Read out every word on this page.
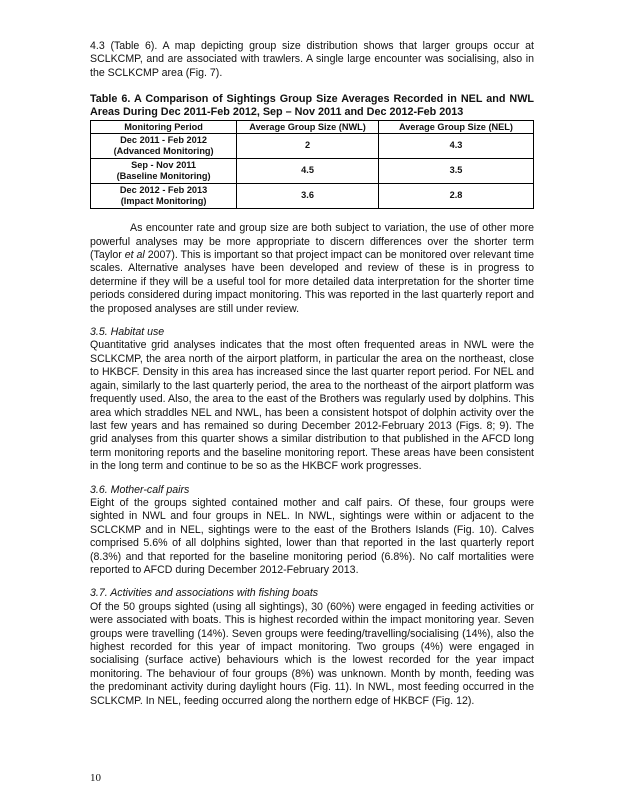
4.3 (Table 6). A map depicting group size distribution shows that larger groups occur at SCLKCMP, and are associated with trawlers. A single large encounter was socialising, also in the SCLKCMP area (Fig. 7).

Table 6. A Comparison of Sightings Group Size Averages Recorded in NEL and NWL Areas During Dec 2011-Feb 2012, Sep – Nov 2011 and Dec 2012-Feb 2013

Monitoring Period	Average Group Size (NWL)	Average Group Size (NEL)
Dec 2011 - Feb 2012
(Advanced Monitoring)	2	4.3
Sep - Nov 2011
(Baseline Monitoring)	4.5	3.5
Dec 2012 - Feb 2013
(Impact Monitoring)	3.6	2.8

As encounter rate and group size are both subject to variation, the use of other more powerful analyses may be more appropriate to discern differences over the shorter term (Taylor et al 2007). This is important so that project impact can be monitored over relevant time scales. Alternative analyses have been developed and review of these is in progress to determine if they will be a useful tool for more detailed data interpretation for the shorter time periods considered during impact monitoring. This was reported in the last quarterly report and the proposed analyses are still under review.

3.5. Habitat use

Quantitative grid analyses indicates that the most often frequented areas in NWL were the SCLKCMP, the area north of the airport platform, in particular the area on the northeast, close to HKBCF. Density in this area has increased since the last quarter report period. For NEL and again, similarly to the last quarterly period, the area to the northeast of the airport platform was frequently used. Also, the area to the east of the Brothers was regularly used by dolphins. This area which straddles NEL and NWL, has been a consistent hotspot of dolphin activity over the last few years and has remained so during December 2012-February 2013 (Figs. 8; 9). The grid analyses from this quarter shows a similar distribution to that published in the AFCD long term monitoring reports and the baseline monitoring report. These areas have been consistent in the long term and continue to be so as the HKBCF work progresses.

3.6. Mother-calf pairs

Eight of the groups sighted contained mother and calf pairs. Of these, four groups were sighted in NWL and four groups in NEL. In NWL, sightings were within or adjacent to the SCLCKMP and in NEL, sightings were to the east of the Brothers Islands (Fig. 10). Calves comprised 5.6% of all dolphins sighted, lower than that reported in the last quarterly report (8.3%) and that reported for the baseline monitoring period (6.8%). No calf mortalities were reported to AFCD during December 2012-February 2013.

3.7. Activities and associations with fishing boats

Of the 50 groups sighted (using all sightings), 30 (60%) were engaged in feeding activities or were associated with boats. This is highest recorded within the impact monitoring year. Seven groups were travelling (14%). Seven groups were feeding/travelling/socialising (14%), also the highest recorded for this year of impact monitoring. Two groups (4%) were engaged in socialising (surface active) behaviours which is the lowest recorded for the year impact monitoring. The behaviour of four groups (8%) was unknown. Month by month, feeding was the predominant activity during daylight hours (Fig. 11). In NWL, most feeding occurred in the SCLKCMP. In NEL, feeding occurred along the northern edge of HKBCF (Fig. 12).

10
